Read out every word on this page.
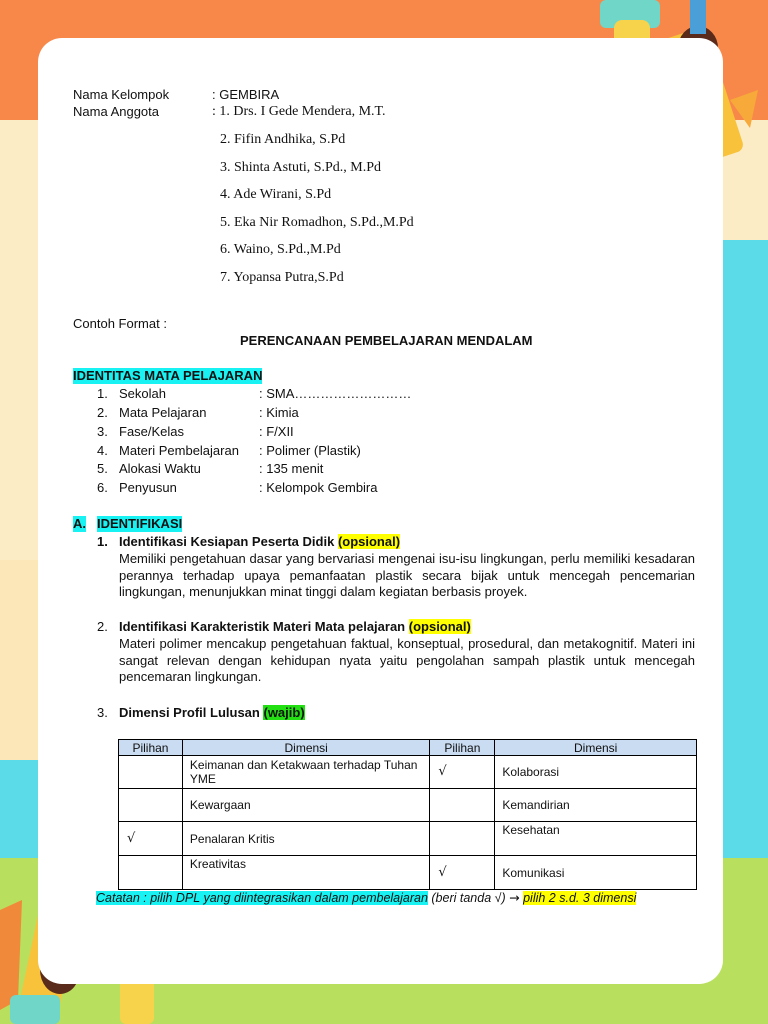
Nama Kelompok	: GEMBIRA
Nama Anggota	: 1. Drs. I Gede Mendera, M.T.
2. Fifin Andhika, S.Pd
3. Shinta Astuti, S.Pd., M.Pd
4. Ade Wirani, S.Pd
5. Eka Nir Romadhon, S.Pd.,M.Pd
6. Waino, S.Pd.,M.Pd
7. Yopansa Putra,S.Pd
Contoh Format :
PERENCANAAN PEMBELAJARAN MENDALAM
IDENTITAS MATA PELAJARAN
1. Sekolah	: SMA………………………
2. Mata Pelajaran	: Kimia
3. Fase/Kelas	: F/XII
4. Materi Pembelajaran : Polimer (Plastik)
5. Alokasi Waktu	: 135 menit
6. Penyusun	: Kelompok Gembira
A. IDENTIFIKASI
1. Identifikasi Kesiapan Peserta Didik (opsional)
Memiliki pengetahuan dasar yang bervariasi mengenai isu-isu lingkungan, perlu memiliki kesadaran perannya terhadap upaya pemanfaatan plastik secara bijak untuk mencegah pencemarian lingkungan, menunjukkan minat tinggi dalam kegiatan berbasis proyek.
2. Identifikasi Karakteristik Materi Mata pelajaran (opsional)
Materi polimer mencakup pengetahuan faktual, konseptual, prosedural, dan metakognitif. Materi ini sangat relevan dengan kehidupan nyata yaitu pengolahan sampah plastik untuk mencegah pencemaran lingkungan.
3. Dimensi Profil Lulusan (wajib)
Pilihan	Dimensi	Pilihan	Dimensi
	Keimanan dan Ketakwaan terhadap Tuhan YME	√	Kolaborasi
	Kewargaan		Kemandirian
√	Penalaran Kritis		Kesehatan
	Kreativitas	√	Komunikasi
Catatan : pilih DPL yang diintegrasikan dalam pembelajaran (beri tanda √) → pilih 2 s.d. 3 dimensi
